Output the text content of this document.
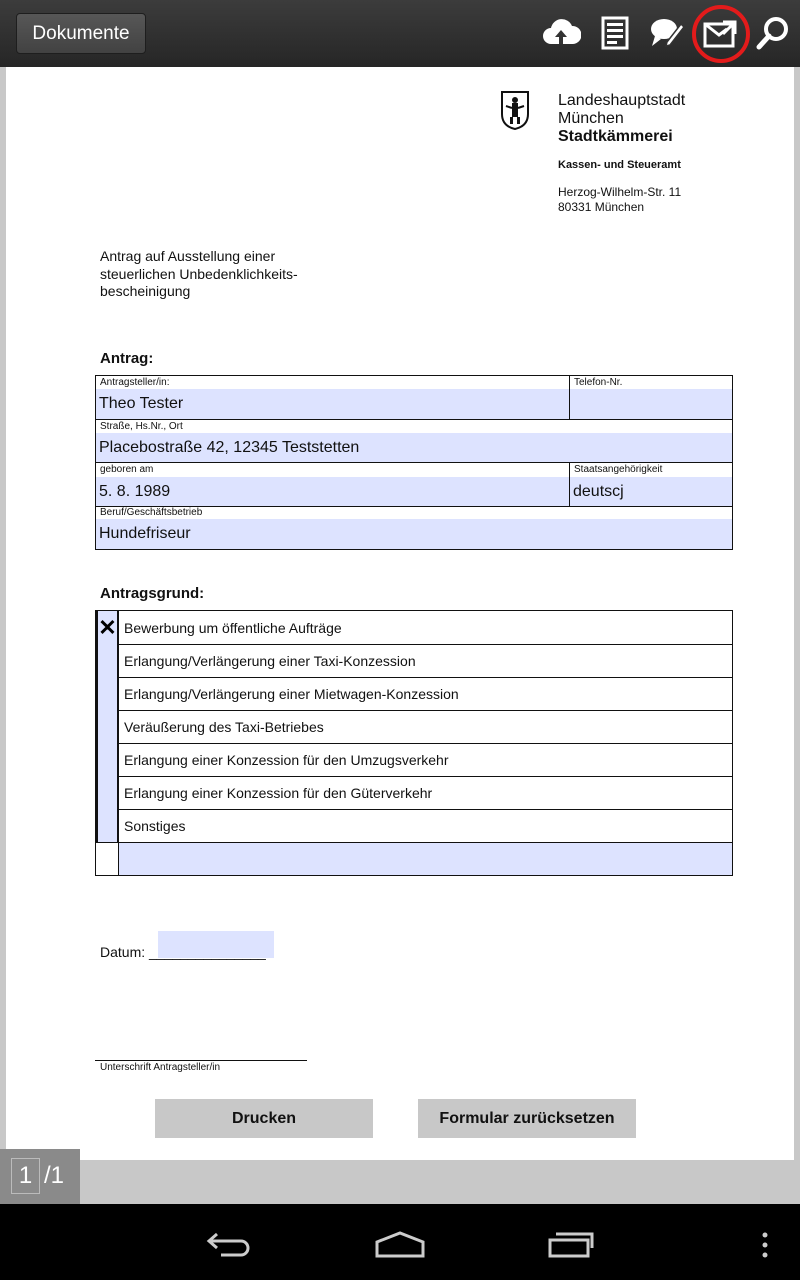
Dokumente
Landeshauptstadt
München
Stadtkämmerei
Kassen- und Steueramt
Herzog-Wilhelm-Str. 11
80331 München
Antrag auf Ausstellung einer
steuerlichen Unbedenklichkeits-
bescheinigung
Antrag:
Antragsteller/in:
Theo Tester
Telefon-Nr.
Straße, Hs.Nr., Ort
Placebostraße 42, 12345 Teststetten
geboren am
5. 8. 1989
Staatsangehörigkeit
deutscj
Beruf/Geschäftsbetrieb
Hundefriseur
Antragsgrund:
✕ Bewerbung um öffentliche Aufträge
Erlangung/Verlängerung einer Taxi-Konzession
Erlangung/Verlängerung einer Mietwagen-Konzession
Veräußerung des Taxi-Betriebes
Erlangung einer Konzession für den Umzugsverkehr
Erlangung einer Konzession für den Güterverkehr
Sonstiges
Datum: _______________
Unterschrift Antragsteller/in
Drucken	Formular zurücksetzen
1 /1
